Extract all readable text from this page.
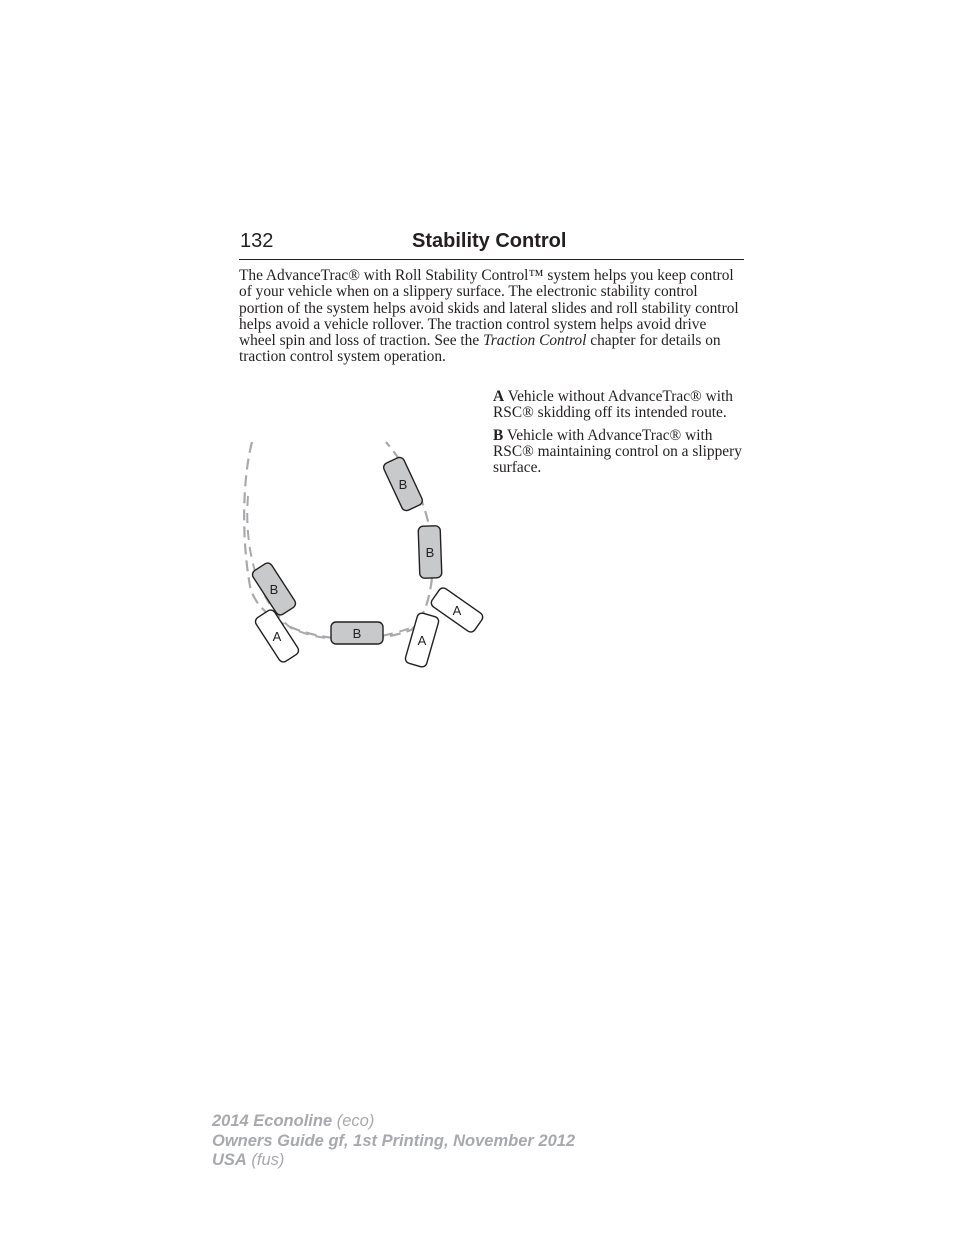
132	Stability Control

The AdvanceTrac® with Roll Stability Control™ system helps you keep control of your vehicle when on a slippery surface. The electronic stability control portion of the system helps avoid skids and lateral slides and roll stability control helps avoid a vehicle rollover. The traction control system helps avoid drive wheel spin and loss of traction. See the Traction Control chapter for details on traction control system operation.

A	A
A
B
B
B
B

A Vehicle without AdvanceTrac® with RSC® skidding off its intended route.

B Vehicle with AdvanceTrac® with RSC® maintaining control on a slippery surface.

2014 Econoline (eco)
Owners Guide gf, 1st Printing, November 2012
USA (fus)
